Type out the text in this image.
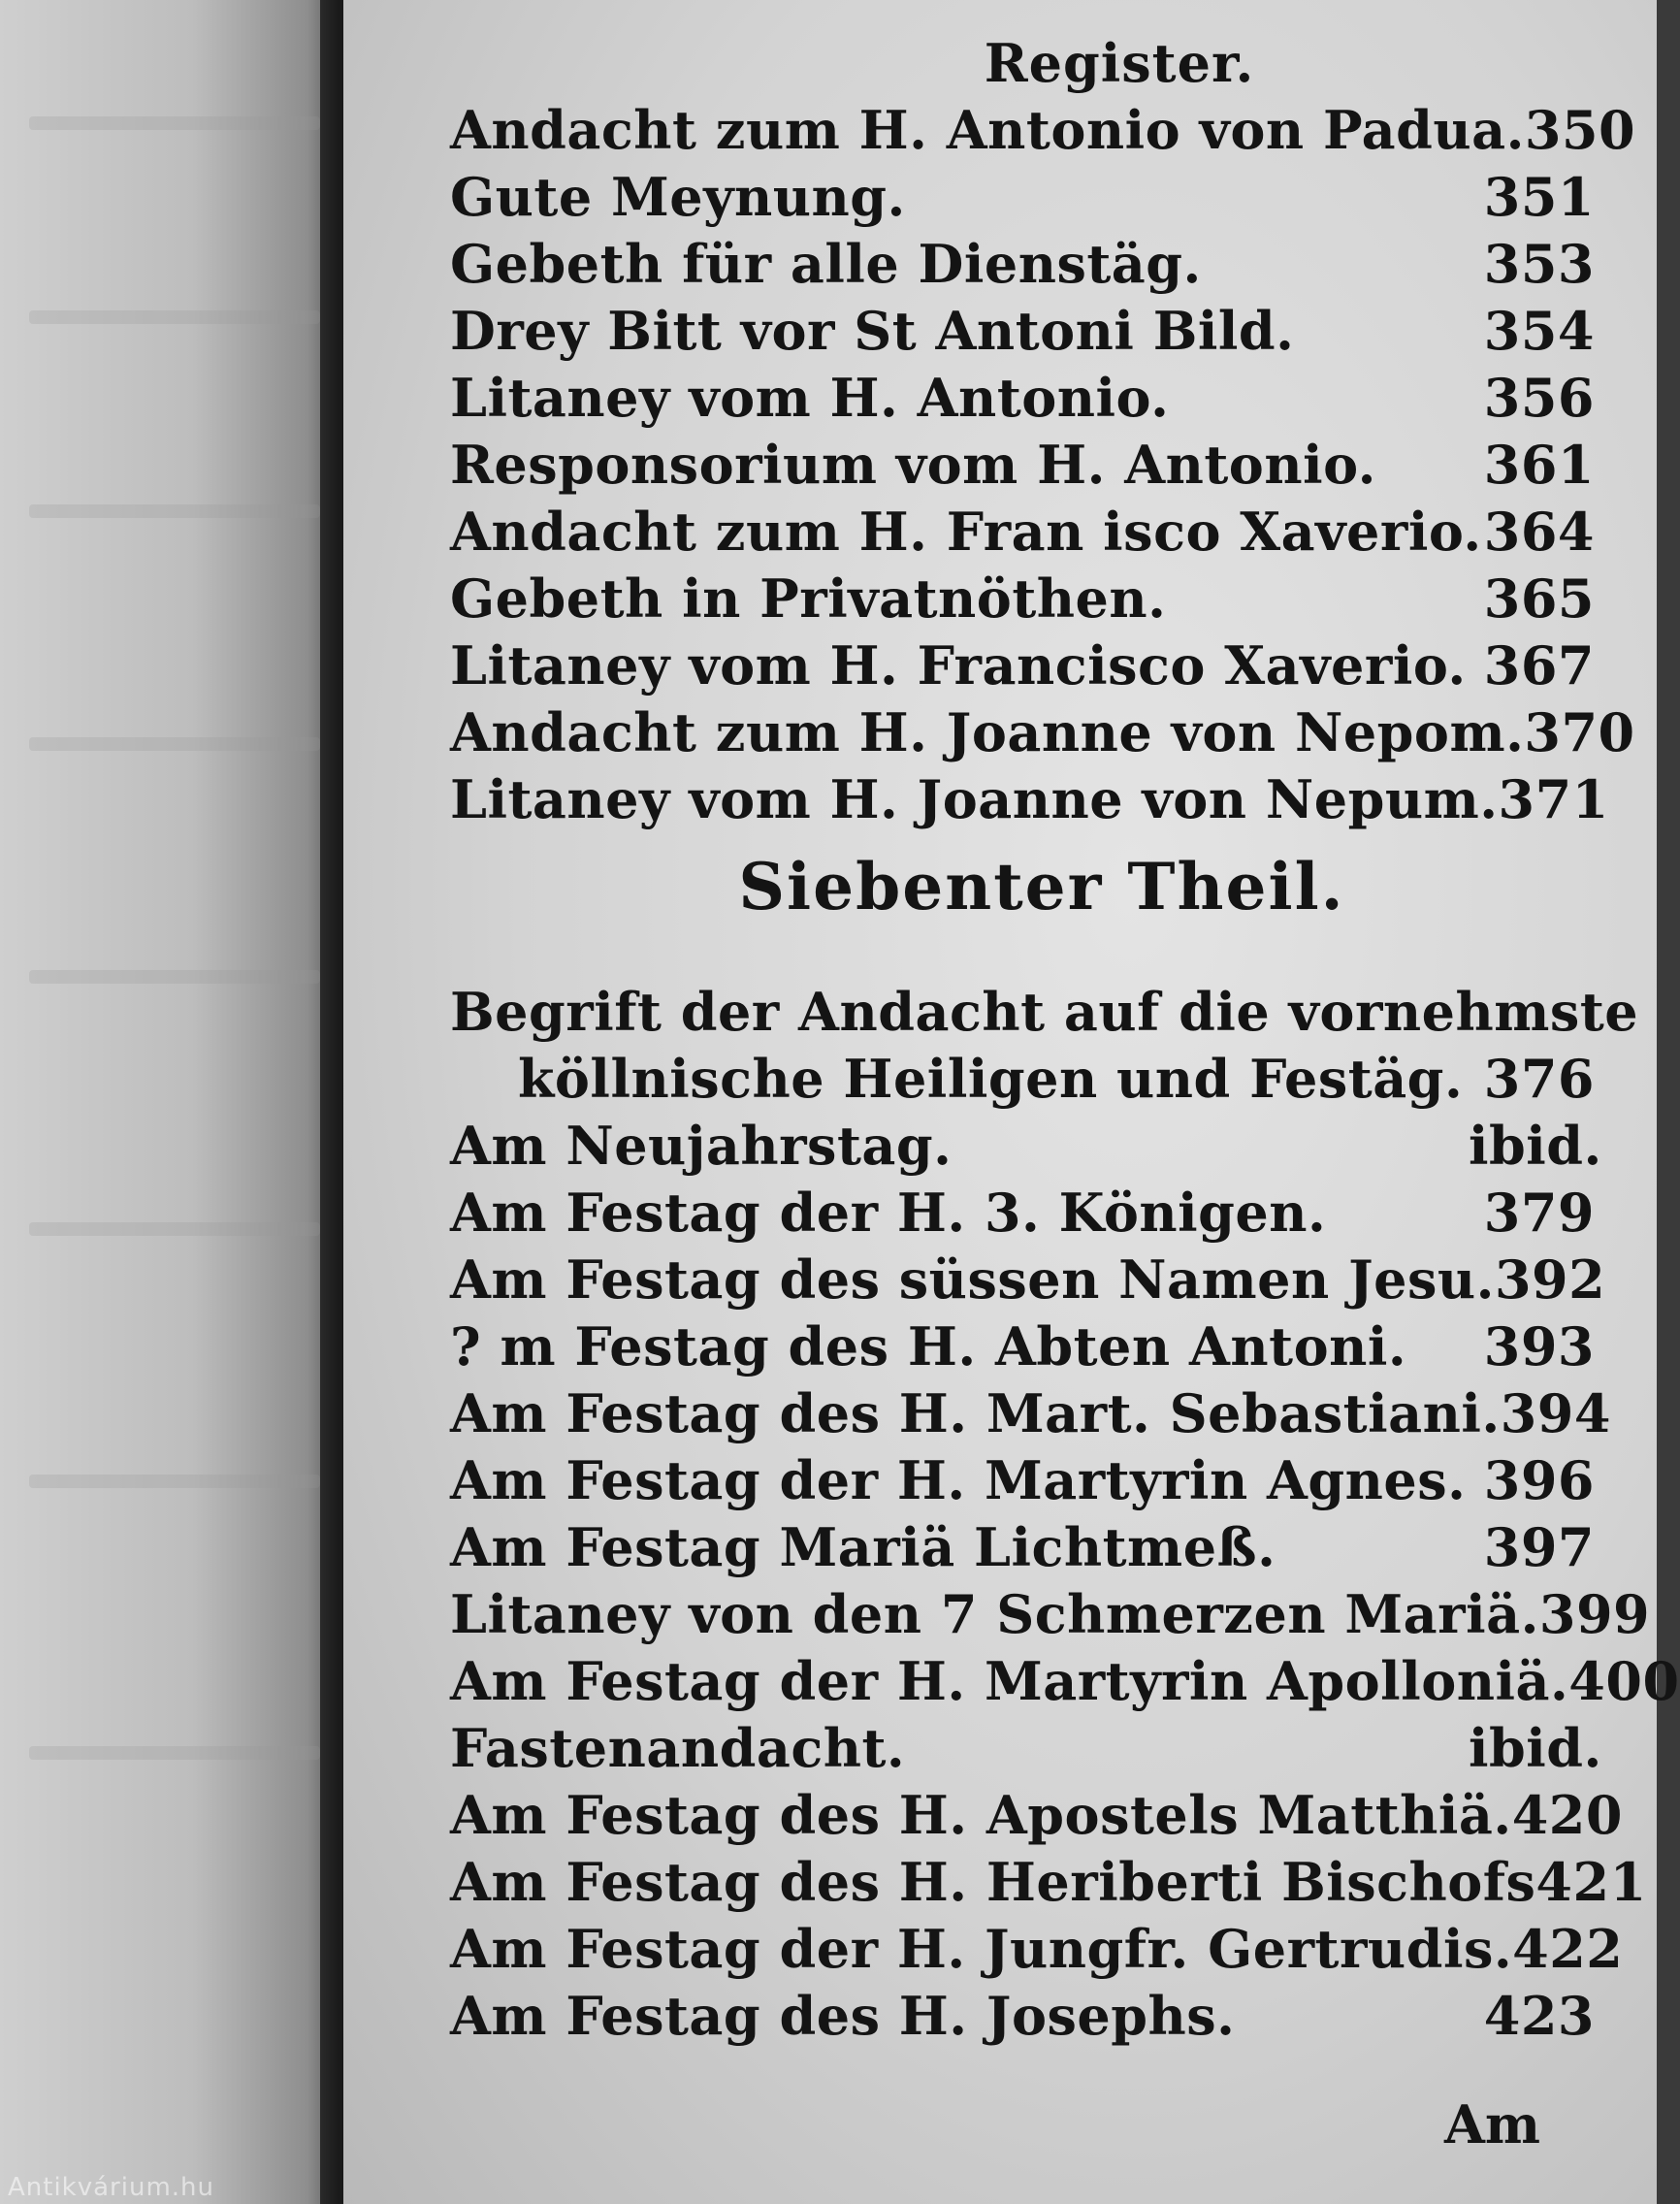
Antikvárium.hu
Register.
Andacht zum H. Antonio von Padua. 350
Gute Meynung.	351
Gebeth für alle Dienstäg.	353
Drey Bitt vor St Antoni Bild.	354
Litaney vom H. Antonio.	356
Responsorium vom H. Antonio.	361
Andacht zum H. Fran isco Xaverio. 364
Gebeth in Privatnöthen.	365
Litaney vom H. Francisco Xaverio. 367
Andacht zum H. Joanne von Nepom. 370
Litaney vom H. Joanne von Nepum. 371
Siebenter Theil.
Begrift der Andacht auf die vornehmste
köllnische Heiligen und Festäg. 376
Am Neujahrstag.	ibid.
Am Festag der H. 3. Königen.	379
Am Festag des süssen Namen Jesu. 392
? m Festag des H. Abten Antoni.	393
Am Festag des H. Mart. Sebastiani. 394
Am Festag der H. Martyrin Agnes. 396
Am Festag Mariä Lichtmeß.	397
Litaney von den 7 Schmerzen Mariä. 399
Am Festag der H. Martyrin Apolloniä. 400
Fastenandacht.	ibid.
Am Festag des H. Apostels Matthiä. 420
Am Festag des H. Heriberti Bischofs 421
Am Festag der H. Jungfr. Gertrudis. 422
Am Festag des H. Josephs.	423
Am
